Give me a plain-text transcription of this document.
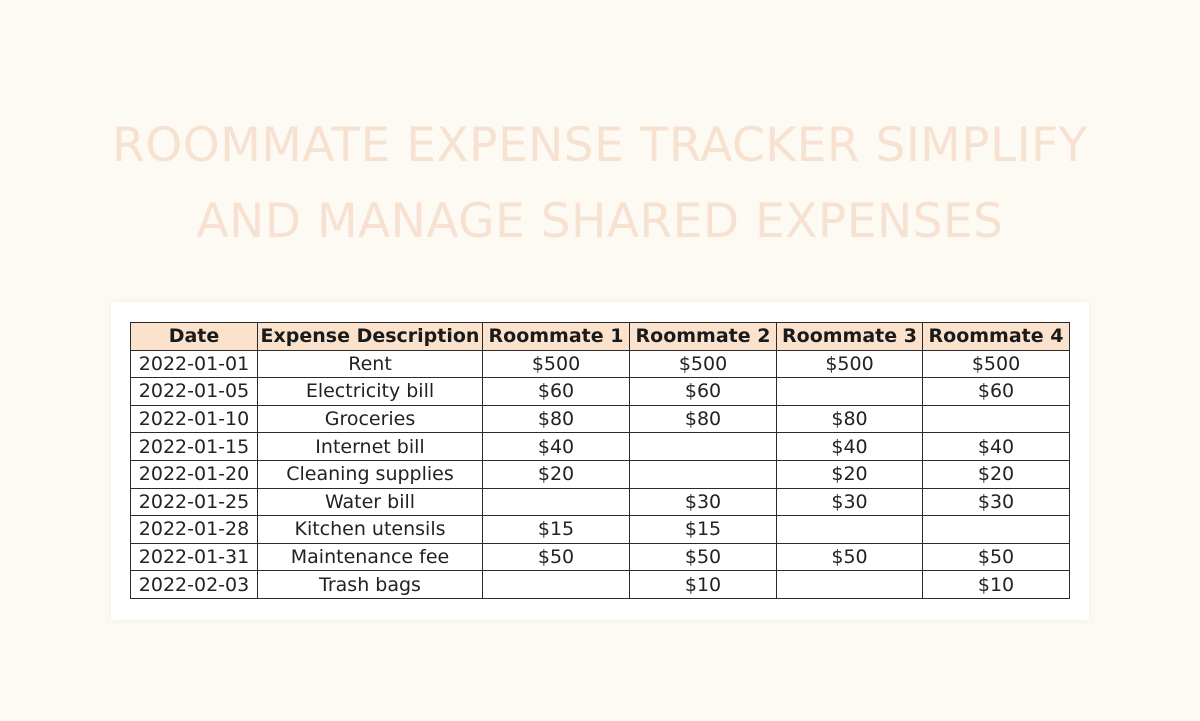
ROOMMATE EXPENSE TRACKER SIMPLIFY
AND MANAGE SHARED EXPENSES
Date	Expense Description	Roommate 1	Roommate 2	Roommate 3	Roommate 4
2022-01-01	Rent	$500	$500	$500	$500
2022-01-05	Electricity bill	$60	$60		$60
2022-01-10	Groceries	$80	$80	$80	
2022-01-15	Internet bill	$40		$40	$40
2022-01-20	Cleaning supplies	$20		$20	$20
2022-01-25	Water bill		$30	$30	$30
2022-01-28	Kitchen utensils	$15	$15		
2022-01-31	Maintenance fee	$50	$50	$50	$50
2022-02-03	Trash bags		$10		$10
